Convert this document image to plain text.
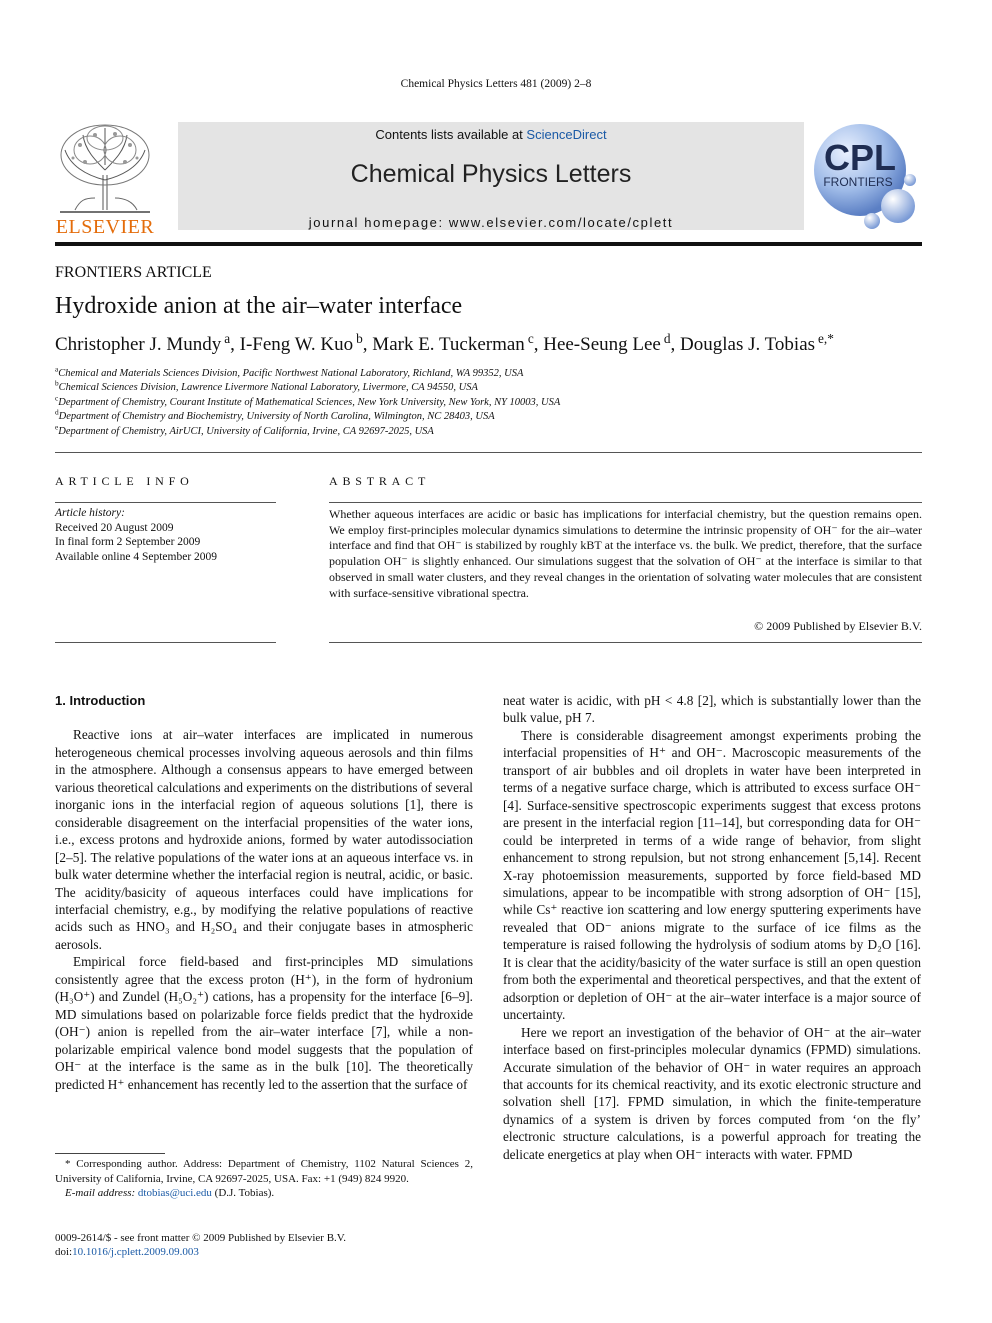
Chemical Physics Letters 481 (2009) 2–8
ELSEVIER
Contents lists available at ScienceDirect
Chemical Physics Letters
journal homepage: www.elsevier.com/locate/cplett
CPL
FRONTIERS
FRONTIERS ARTICLE
Hydroxide anion at the air–water interface
Christopher J. Mundy $^a$, I-Feng W. Kuo $^b$, Mark E. Tuckerman $^c$, Hee-Seung Lee $^d$, Douglas J. Tobias $^{e,*}$
$^a$Chemical and Materials Sciences Division, Pacific Northwest National Laboratory, Richland, WA 99352, USA
$^b$Chemical Sciences Division, Lawrence Livermore National Laboratory, Livermore, CA 94550, USA
$^c$Department of Chemistry, Courant Institute of Mathematical Sciences, New York University, New York, NY 10003, USA
$^d$Department of Chemistry and Biochemistry, University of North Carolina, Wilmington, NC 28403, USA
$^e$Department of Chemistry, AirUCI, University of California, Irvine, CA 92697-2025, USA
ARTICLE INFO
Article history:
Received 20 August 2009
In final form 2 September 2009
Available online 4 September 2009
ABSTRACT
Whether aqueous interfaces are acidic or basic has implications for interfacial chemistry, but the question remains open. We employ first-principles molecular dynamics simulations to determine the intrinsic propensity of OH⁻ for the air–water interface and find that OH⁻ is stabilized by roughly kBT at the interface vs. the bulk. We predict, therefore, that the surface population OH⁻ is slightly enhanced. Our simulations suggest that the solvation of OH⁻ at the interface is similar to that observed in small water clusters, and they reveal changes in the orientation of solvating water molecules that are consistent with surface-sensitive vibrational spectra.
© 2009 Published by Elsevier B.V.
1. Introduction

Reactive ions at air–water interfaces are implicated in numerous heterogeneous chemical processes involving aqueous aerosols and thin films in the atmosphere. Although a consensus appears to have emerged between various theoretical calculations and experiments on the distributions of several inorganic ions in the interfacial region of aqueous solutions [1], there is considerable disagreement on the interfacial propensities of the water ions, i.e., excess protons and hydroxide anions, formed by water autodissociation [2–5]. The relative populations of the water ions at an aqueous interface vs. in bulk water determine whether the interfacial region is neutral, acidic, or basic. The acidity/basicity of aqueous interfaces could have implications for interfacial chemistry, e.g., by modifying the relative populations of reactive acids such as HNO₃ and H₂SO₄ and their conjugate bases in atmospheric aerosols.

Empirical force field-based and first-principles MD simulations consistently agree that the excess proton (H⁺), in the form of hydronium (H₃O⁺) and Zundel (H₅O₂⁺) cations, has a propensity for the interface [6–9]. MD simulations based on polarizable force fields predict that the hydroxide (OH⁻) anion is repelled from the air–water interface [7], while a non-polarizable empirical valence bond model suggests that the population of OH⁻ at the interface is the same as in the bulk [10]. The theoretically predicted H⁺ enhancement has recently led to the assertion that the surface of

neat water is acidic, with pH < 4.8 [2], which is substantially lower than the bulk value, pH 7.

There is considerable disagreement amongst experiments probing the interfacial propensities of H⁺ and OH⁻. Macroscopic measurements of the transport of air bubbles and oil droplets in water have been interpreted in terms of a negative surface charge, which is attributed to excess surface OH⁻ [4]. Surface-sensitive spectroscopic experiments suggest that excess protons are present in the interfacial region [11–14], but corresponding data for OH⁻ could be interpreted in terms of a wide range of behavior, from slight enhancement to strong repulsion, but not strong enhancement [5,14]. Recent X-ray photoemission measurements, supported by force field-based MD simulations, appear to be incompatible with strong adsorption of OH⁻ [15], while Cs⁺ reactive ion scattering and low energy sputtering experiments have revealed that OD⁻ anions migrate to the surface of ice films as the temperature is raised following the hydrolysis of sodium atoms by D₂O [16]. It is clear that the acidity/basicity of the water surface is still an open question from both the experimental and theoretical perspectives, and that the extent of adsorption or depletion of OH⁻ at the air–water interface is a major source of uncertainty.

Here we report an investigation of the behavior of OH⁻ at the air–water interface based on first-principles molecular dynamics (FPMD) simulations. Accurate simulation of the behavior of OH⁻ in water requires an approach that accounts for its chemical reactivity, and its exotic electronic structure and solvation shell [17]. FPMD simulation, in which the finite-temperature dynamics of a system is driven by forces computed from ‘on the fly’ electronic structure calculations, is a powerful approach for treating the delicate energetics at play when OH⁻ interacts with water. FPMD

* Corresponding author. Address: Department of Chemistry, 1102 Natural Sciences 2, University of California, Irvine, CA 92697-2025, USA. Fax: +1 (949) 824 9920.

E-mail address: dtobias@uci.edu (D.J. Tobias).

0009-2614/$ - see front matter © 2009 Published by Elsevier B.V.
doi:10.1016/j.cplett.2009.09.003
